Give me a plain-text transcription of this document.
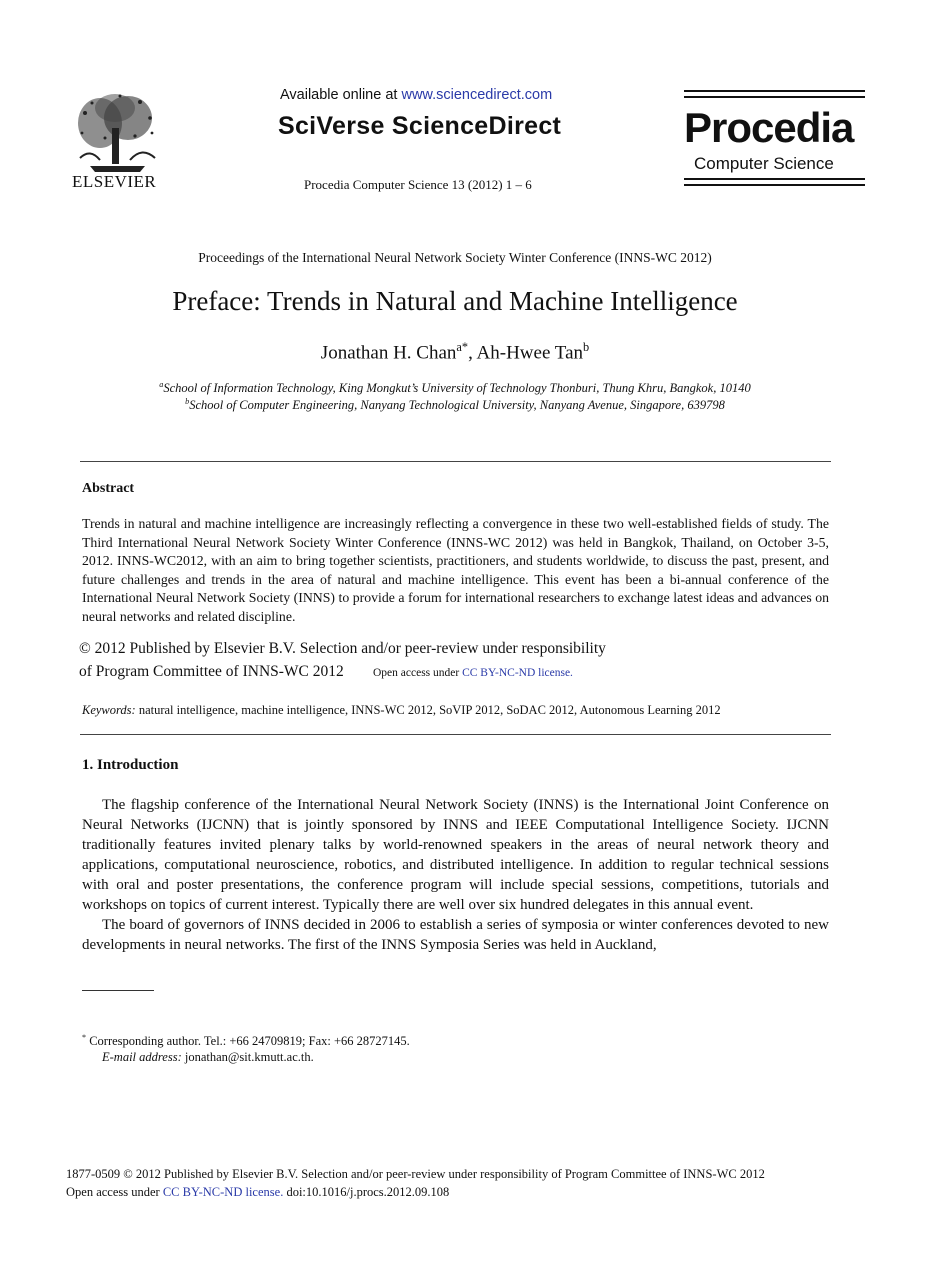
ELSEVIER
Available online at www.sciencedirect.com
SciVerse ScienceDirect
Procedia Computer Science 13 (2012) 1 – 6
Procedia
Computer Science
Proceedings of the International Neural Network Society Winter Conference (INNS-WC 2012)
Preface: Trends in Natural and Machine Intelligence
Jonathan H. Chan$^{a*}$, Ah-Hwee Tan$^b$
$^a$School of Information Technology, King Mongkut’s University of Technology Thonburi, Thung Khru, Bangkok, 10140
$^b$School of Computer Engineering, Nanyang Technological University, Nanyang Avenue, Singapore, 639798
Abstract
Trends in natural and machine intelligence are increasingly reflecting a convergence in these two well-established fields of study. The Third International Neural Network Society Winter Conference (INNS-WC 2012) was held in Bangkok, Thailand, on October 3-5, 2012. INNS-WC2012, with an aim to bring together scientists, practitioners, and students worldwide, to discuss the past, present, and future challenges and trends in the area of natural and machine intelligence. This event has been a bi-annual conference of the International Neural Network Society (INNS) to provide a forum for international researchers to exchange latest ideas and advances on neural networks and related discipline.
© 2012 Published by Elsevier B.V. Selection and/or peer-review under responsibility
of Program Committee of INNS-WC 2012	Open access under CC BY-NC-ND license.
Keywords: natural intelligence, machine intelligence, INNS-WC 2012, SoVIP 2012, SoDAC 2012, Autonomous Learning 2012
1. Introduction

The flagship conference of the International Neural Network Society (INNS) is the International Joint Conference on Neural Networks (IJCNN) that is jointly sponsored by INNS and IEEE Computational Intelligence Society. IJCNN traditionally features invited plenary talks by world-renowned speakers in the areas of neural network theory and applications, computational neuroscience, robotics, and distributed intelligence. In addition to regular technical sessions with oral and poster presentations, the conference program will include special sessions, competitions, tutorials and workshops on topics of current interest. Typically there are well over six hundred delegates in this annual event.

The board of governors of INNS decided in 2006 to establish a series of symposia or winter conferences devoted to new developments in neural networks. The first of the INNS Symposia Series was held in Auckland,

* Corresponding author. Tel.: +66 24709819; Fax: +66 28727145.
E-mail address: jonathan@sit.kmutt.ac.th.
1877-0509 © 2012 Published by Elsevier B.V. Selection and/or peer-review under responsibility of Program Committee of INNS-WC 2012
Open access under CC BY-NC-ND license. doi:10.1016/j.procs.2012.09.108
